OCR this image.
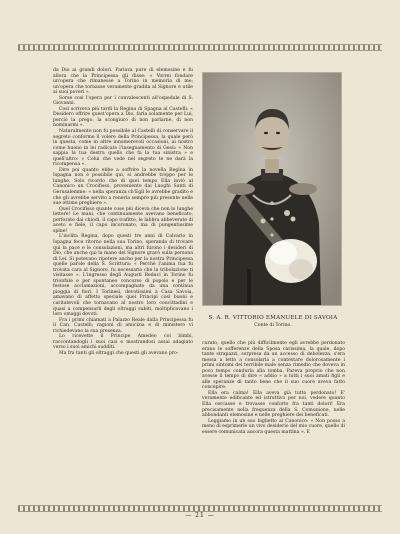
da Dio ai grandi dolori. Parlava pure di elemosine e fu allora che la Principessa gli disse: « Vorrei fondare un'opera che rimanesse a Torino in memoria di me; un'opera che tornasse veramente gradita al Signore e utile ai suoi poveri ».

Sorse così l'opera per i convalescenti all'ospedale di S. Giovanni.

Così scriveva più tardi la Regina di Spagna al Castelli: « Desidero offrire quest'opera a Dio, farla solamente per Lui, perciò la prego, la scongiuro di non parlarne, di non nominarmi ».

Naturalmente non fu possibile al Castelli di conservare il segreto conforme il volere della Principessa, la quale però in questa, come in altre innumerevoli occasioni, ai nostro come buono in lei radicato l'insegnamento di Gesù: « Non sappia la tua destra quello che fa la tua sinistra » e quell'altro: « Colui che vede nel segreto te ne darà la ricompensa ».

Dire poi quanto ebbe a soffrire la novella Regina in Ispagna non è possibile qui, si andrebbe troppo per le lunghe. Solo ricordo che di quel tempo Ella inviò al Canonico un Crocifisso, proveniente dai Luoghi Santi di Gerusalemme: « nella speranza ch'Egli le avrebbe gradito e che gli avrebbe servito a renerla sempre più presente nelle sue ottime preghiere ».

Quel Crocifisso quante cose più diceva che non lo lunghe lettere! Le mani, che continuamente avevano beneficato, perforate dai chiodi, il capo trafitto, le labbra abbeverate di aceto e fiele, il capo incoronato, ma di pungentissime spine!

L'inclita Regina, dopo questi tre anni di Calvario in Ispagna fece ritorno nella sua Torino, sperando di trovare qui la pace e le consolazioni, ma altri furono i desideri di Dio, che anche qui la mano del Signore gravò sulla persona di Lei. Si potevano ripetere anche per la nostra Principessa quelle parole della S. Scrittura: « Perchè l'anima tua fu trovata cara al Signore, fu necessario che la tribolazione ti visitasse ». L'ingresso degli Augusti Reduci in Torino fu trionfale e per spontaneo concorso di popolo e per le festose acclamazioni, accompagnato da una continua pioggia di fiori. I Torinesi, devotissimi a Casa Savoia, amavano di affetto speciale quei Principi così buoni e caritatevoli che tornavano al nostro loro concittadini e quasi a compensarli degli oltraggi subiti, moltiplicavano i loro omaggi devoti.

Fra i primi chiamati a Palazzo Reale dalla Principessa fu il Can. Castelli; ragioni di amicizia e di ministero vi richiedevano la sua presenza.

Lo ricevette il Principe Amedeo coi bimbi, raccontandogli i suoi casi e mostrandosi assai adagiato verso i suoi amichi sudditi.

Ma fra tanti gli oltraggi che questi gli avevano pro-

S. A. R. VITTORIO EMANUELE DI SAVOIA
Conte di Torino.

curato, quello che più difficilmente egli avrebbe perdonato erano le sofferenze della Sposa carissima, la quale, dopo tante strapazzi, sorpresa da un accesso di debolezza, s'era messa a letto a consolarla a contestare dolorosamente i primi sintomi del terribile male senza rimedio che doveva in poco tempo condurla alla tomba. Pareva proprio che non avesse il tempo di dire « addio » a tutti i suoi amati figli e alle speranze di tanto bene che il suo cuore aveva fatto concepire.

Ella era calma! Ella aveva già tutto perdonato! E' veramente edificante ed istruttivo per noi, vedere quanto Ella cercasse e trovasse conforto fra tanti dolori! Era precisamente nella frequenza della S. Comunione, nelle abbondanti elemosine e nelle preghiere dei beneficati.

Leggiamo in un suo biglietto al Canonico: « Non posso a meno di esprimerle un vivo desiderio del mio cuore, quello di essere comunicata ancora questa mattina ». E

— 21 —
